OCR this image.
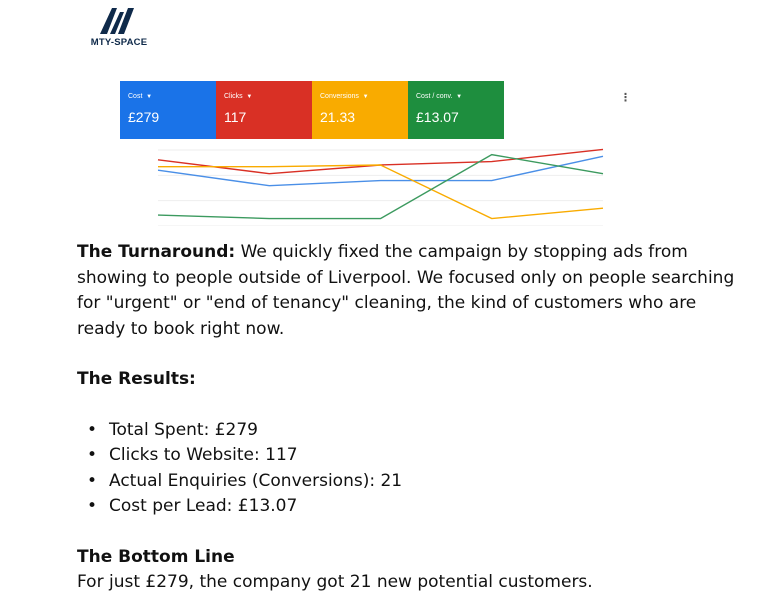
MTY-SPACE
Cost ▼
£279
Clicks ▼
117
Conversions ▼
21.33
Cost / conv. ▼
£13.07
⋮

The Turnaround: We quickly fixed the campaign by stopping ads from showing to people outside of Liverpool. We focused only on people searching for "urgent" or "end of tenancy" cleaning, the kind of customers who are ready to book right now.

The Results:

• Total Spent: £279
• Clicks to Website: 117
• Actual Enquiries (Conversions): 21
• Cost per Lead: £13.07

The Bottom Line

For just £279, the company got 21 new potential customers.
